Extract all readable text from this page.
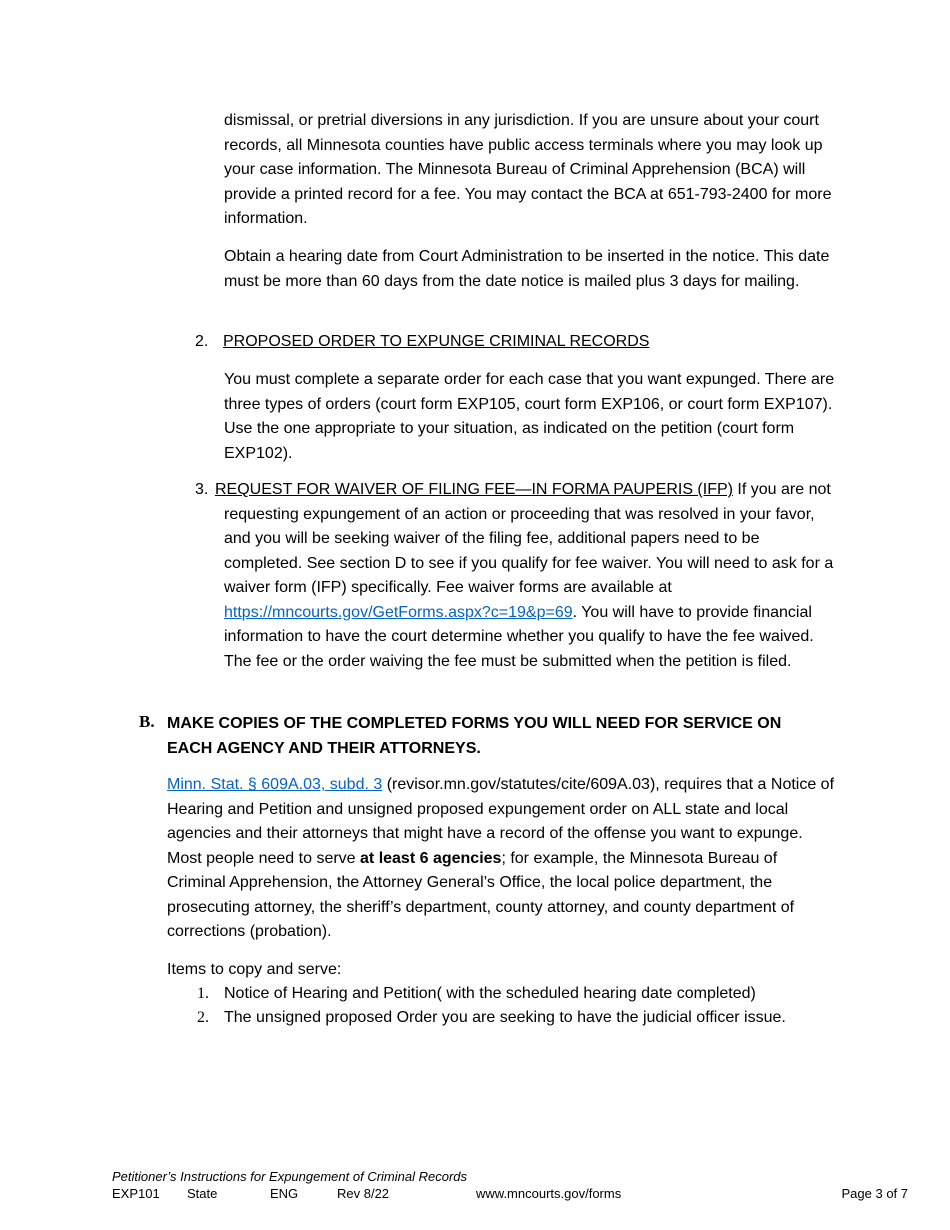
dismissal, or pretrial diversions in any jurisdiction. If you are unsure about your court records, all Minnesota counties have public access terminals where you may look up your case information. The Minnesota Bureau of Criminal Apprehension (BCA) will provide a printed record for a fee. You may contact the BCA at 651-793-2400 for more information.
Obtain a hearing date from Court Administration to be inserted in the notice. This date must be more than 60 days from the date notice is mailed plus 3 days for mailing.
2. PROPOSED ORDER TO EXPUNGE CRIMINAL RECORDS
You must complete a separate order for each case that you want expunged. There are three types of orders (court form EXP105, court form EXP106, or court form EXP107). Use the one appropriate to your situation, as indicated on the petition (court form EXP102).
3. REQUEST FOR WAIVER OF FILING FEE—IN FORMA PAUPERIS (IFP) If you are not requesting expungement of an action or proceeding that was resolved in your favor, and you will be seeking waiver of the filing fee, additional papers need to be completed. See section D to see if you qualify for fee waiver. You will need to ask for a waiver form (IFP) specifically. Fee waiver forms are available at https://mncourts.gov/GetForms.aspx?c=19&p=69. You will have to provide financial information to have the court determine whether you qualify to have the fee waived. The fee or the order waiving the fee must be submitted when the petition is filed.
B. MAKE COPIES OF THE COMPLETED FORMS YOU WILL NEED FOR SERVICE ON EACH AGENCY AND THEIR ATTORNEYS.
Minn. Stat. § 609A.03, subd. 3 (revisor.mn.gov/statutes/cite/609A.03), requires that a Notice of Hearing and Petition and unsigned proposed expungement order on ALL state and local agencies and their attorneys that might have a record of the offense you want to expunge. Most people need to serve at least 6 agencies; for example, the Minnesota Bureau of Criminal Apprehension, the Attorney General’s Office, the local police department, the prosecuting attorney, the sheriff’s department, county attorney, and county department of corrections (probation).
Items to copy and serve:
1. Notice of Hearing and Petition( with the scheduled hearing date completed)
2. The unsigned proposed Order you are seeking to have the judicial officer issue.
Petitioner’s Instructions for Expungement of Criminal Records
EXP101 State	ENG	Rev 8/22	www.mncourts.gov/forms	Page 3 of 7
